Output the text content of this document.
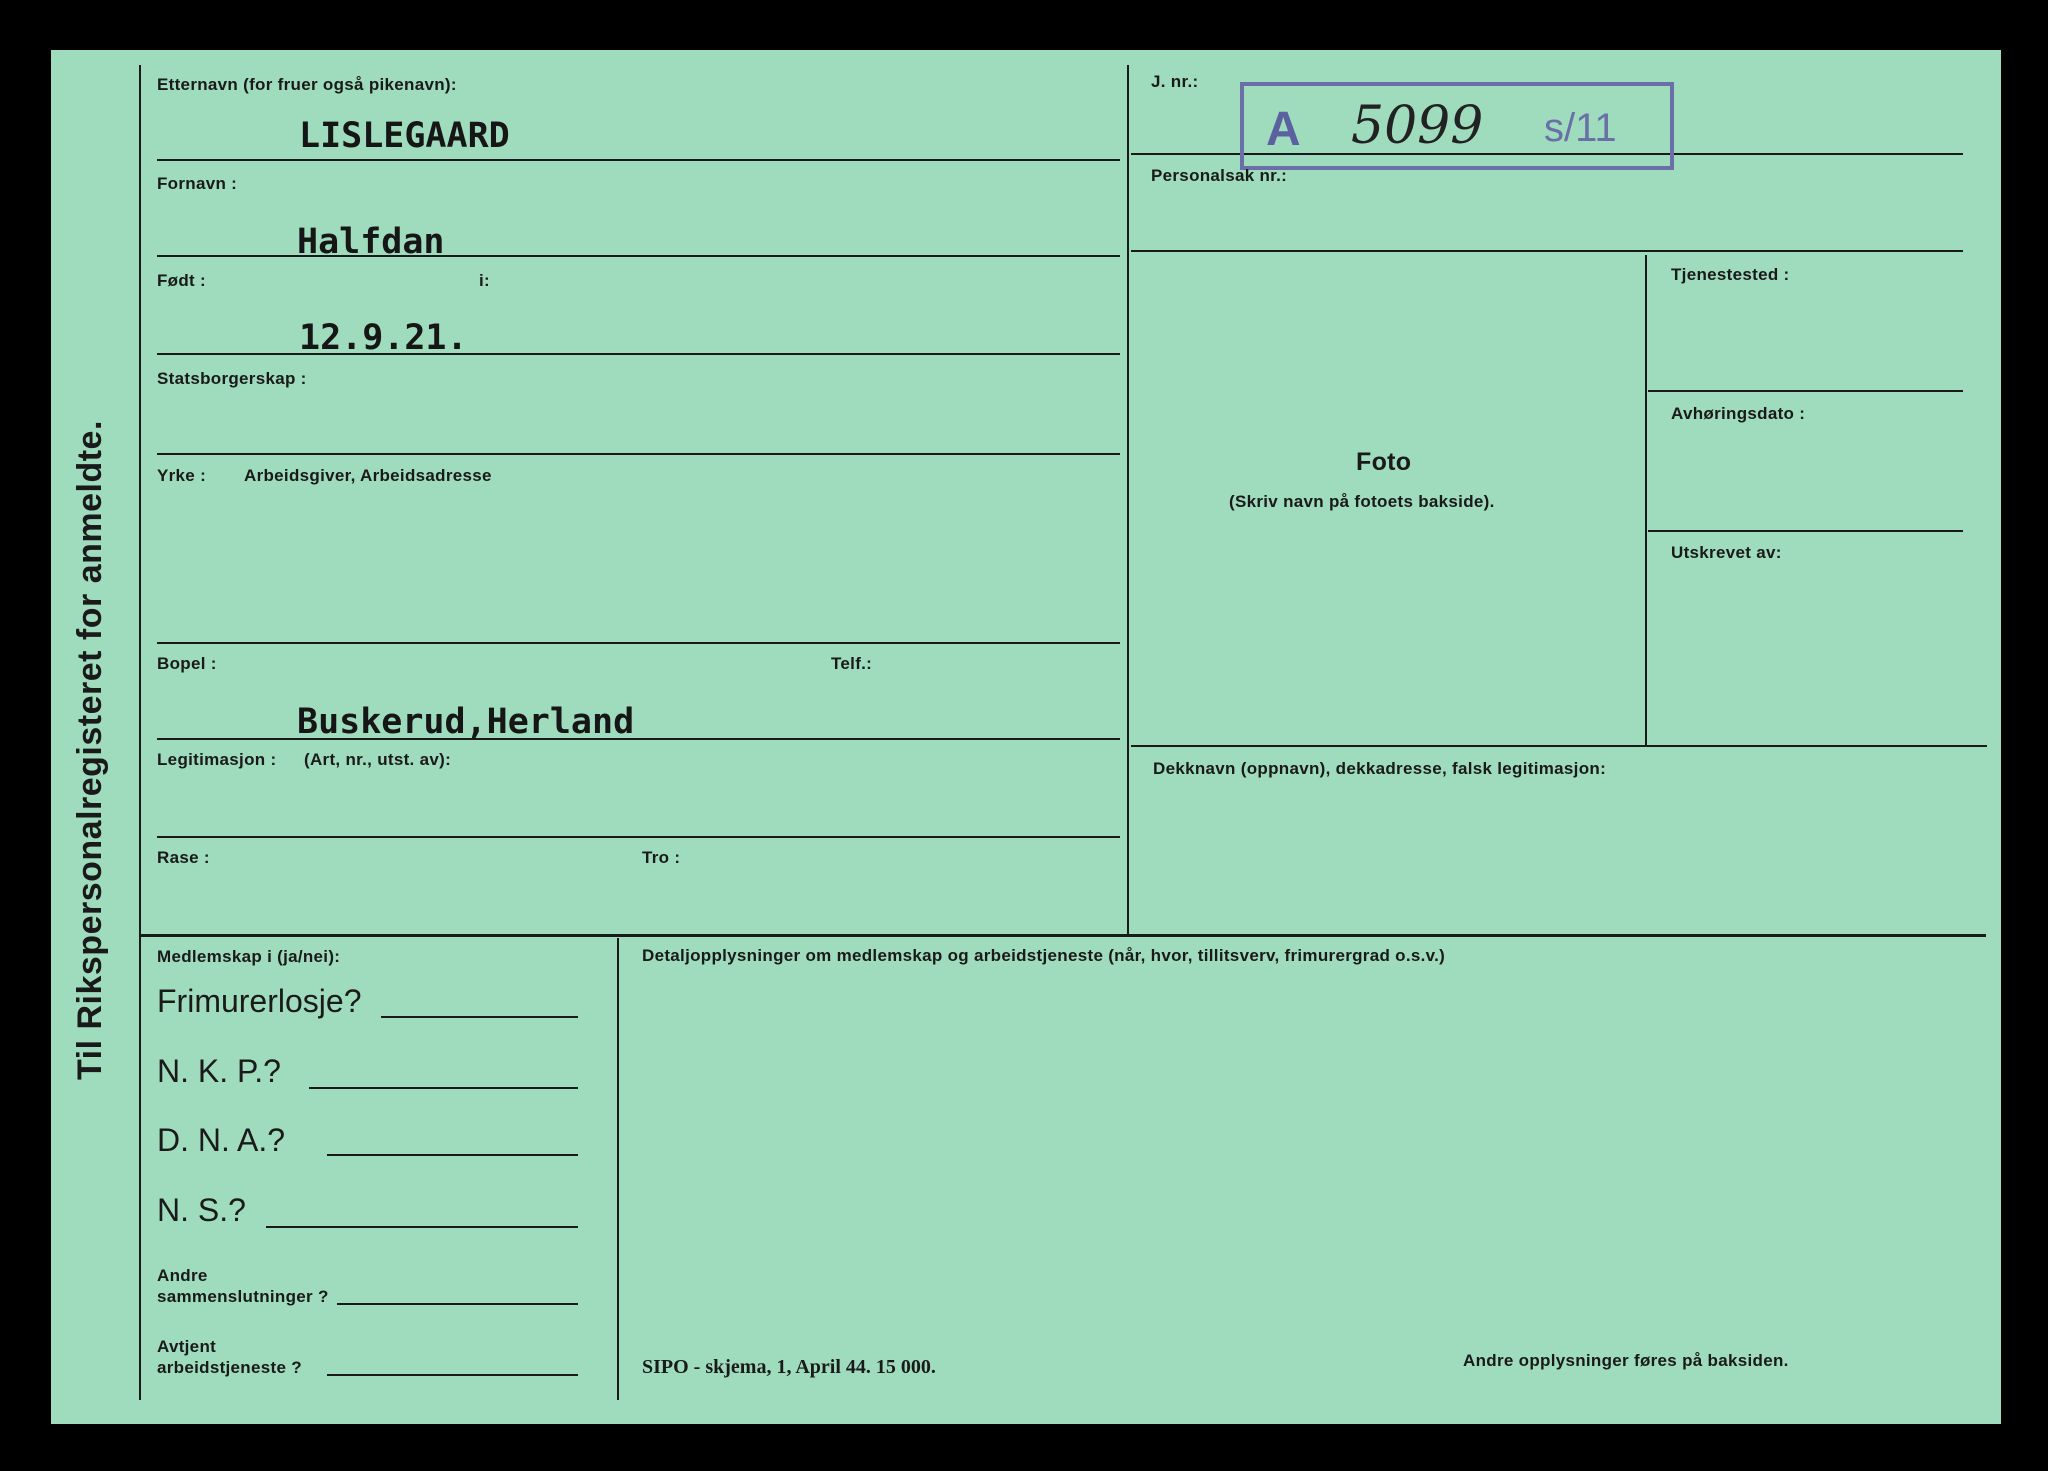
Til Rikspersonalregisteret for anmeldte.
A 5099 s/11
Etternavn (for fruer også pikenavn):
LISLEGAARD
Fornavn :
Halfdan
Født :	i:
12.9.21.
Statsborgerskap :
Yrke : Arbeidsgiver, Arbeidsadresse
Bopel :	Telf.:
Buskerud,Herland
Legitimasjon : (Art, nr., utst. av):
Rase :	Tro :
J. nr.:
Personalsak nr.:
Tjenestested :
Avhøringsdato :
Utskrevet av:
Foto
(Skriv navn på fotoets bakside).
Dekknavn (oppnavn), dekkadresse, falsk legitimasjon:
Medlemskap i (ja/nei):	Detaljopplysninger om medlemskap og arbeidstjeneste (når, hvor, tillitsverv, frimurergrad o.s.v.)
Frimurerlosje?
N. K. P.?
D. N. A.?
N. S.?
Andre
sammenslutninger ?
Avtjent
arbeidstjeneste ?	SIPO - skjema, 1, April 44. 15 000.	Andre opplysninger føres på baksiden.
